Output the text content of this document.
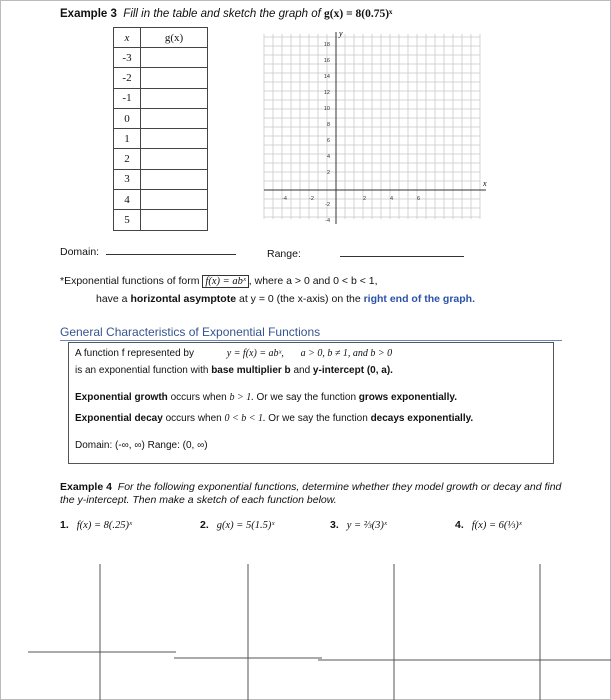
Example 3 Fill in the table and sketch the graph of g(x) = 8(0.75)ˣ
x	g(x)
-3	
-2	
-1	
0	
1	
2	
3	
4	
5	
x
y
18
16
14
12
10
8
6
4
2
-2
-4
-4	-2	2	4	6
Domain:	Range:
*Exponential functions of form f(x) = abˣ , where a > 0 and 0 < b < 1,
have a horizontal asymptote at y = 0 (the x-axis) on the right end of the graph.
General Characteristics of Exponential Functions
A function f represented by	y = f(x) = abˣ, a > 0, b ≠ 1, and b > 0
is an exponential function with base multiplier b and y-intercept (0, a).
Exponential growth occurs when b > 1. Or we say the function grows exponentially.
Exponential decay occurs when 0 < b < 1. Or we say the function decays exponentially.
Domain: (-∞, ∞) Range: (0, ∞)
Example 4 For the following exponential functions, determine whether they model growth or decay and find the y-intercept. Then make a sketch of each function below.
1. f(x) = 8(.25)ˣ	2. g(x) = 5(1.5)ˣ	3. y = ⅔(3)ˣ	4. f(x) = 6(⅓)ˣ
